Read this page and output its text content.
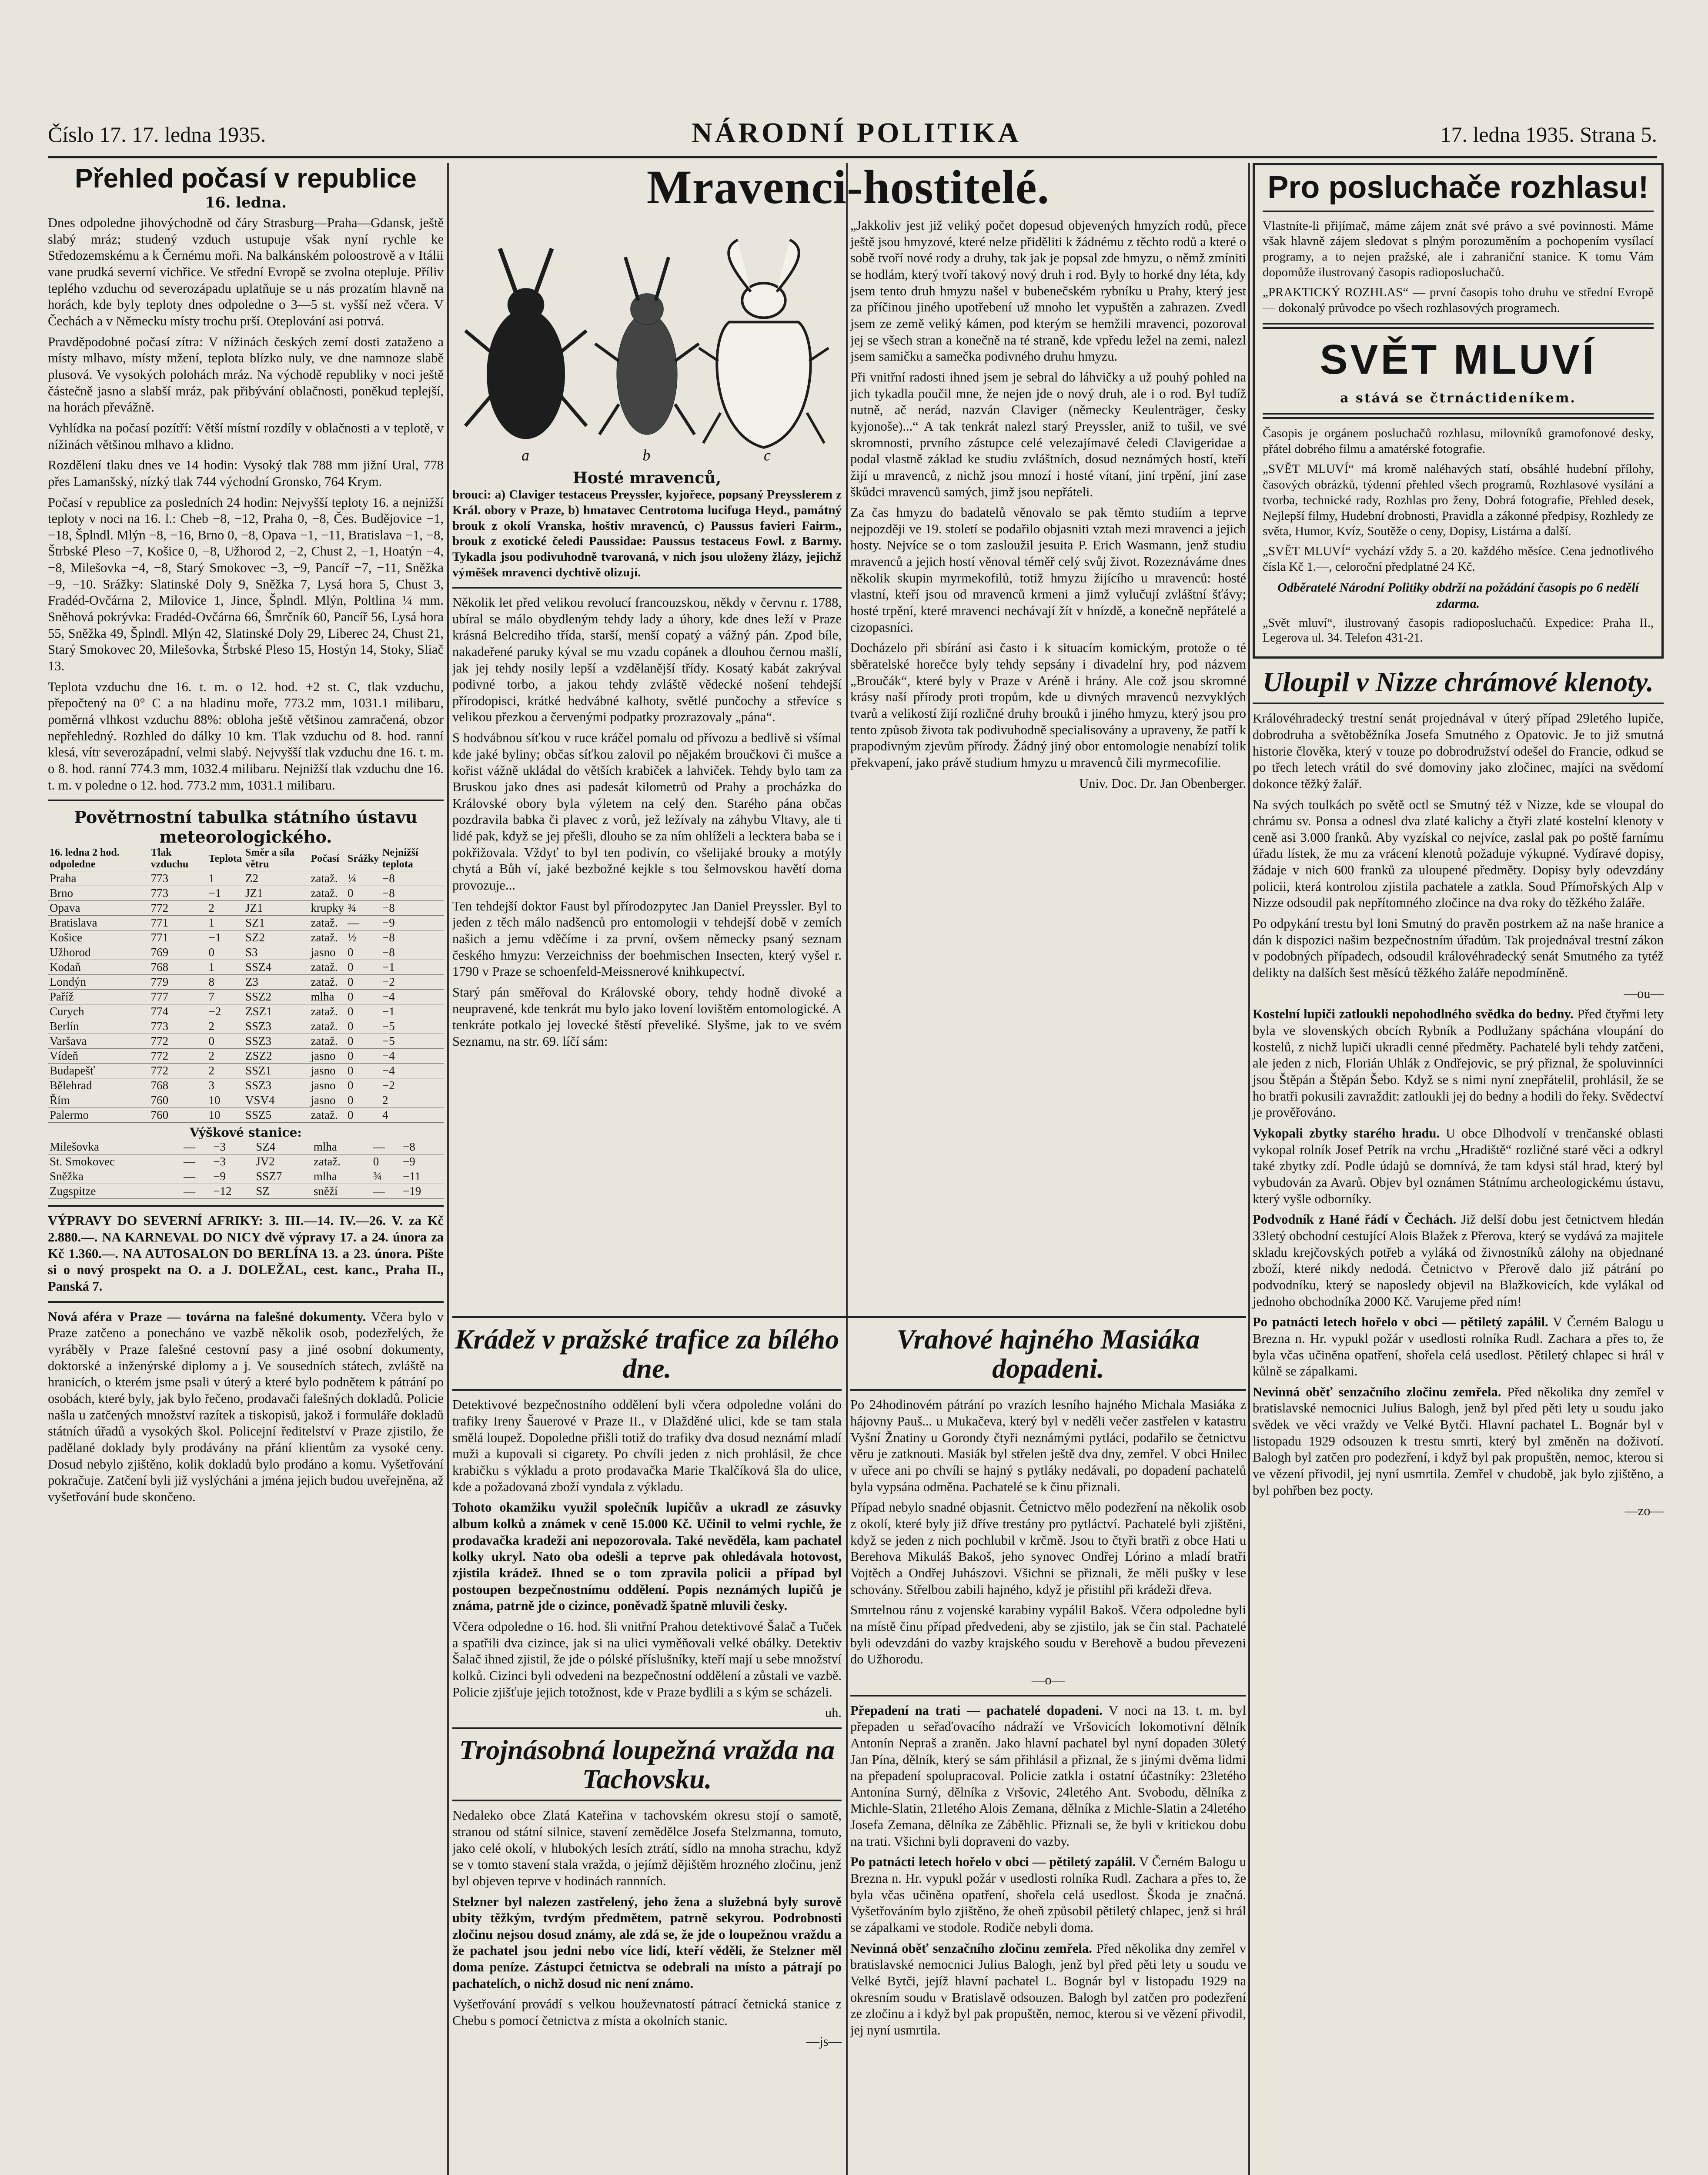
Číslo 17. 17. ledna 1935.	NÁRODNÍ POLITIKA	17. ledna 1935. Strana 5.
Přehled počasí v republice
16. ledna.

Dnes odpoledne jihovýchodně od čáry Strasburg—Praha—Gdansk, ještě slabý mráz; studený vzduch ustupuje však nyní rychle ke Středozemskému a k Černému moři. Na balkánském poloostrově a v Itálii vane prudká severní vichřice. Ve střední Evropě se zvolna otepluje. Příliv teplého vzduchu od severozápadu uplatňuje se u nás prozatím hlavně na horách, kde byly teploty dnes odpoledne o 3—5 st. vyšší než včera. V Čechách a v Německu místy trochu prší. Oteplování asi potrvá.

Pravděpodobné počasí zítra: V nížinách českých zemí dosti zataženo a místy mlhavo, místy mžení, teplota blízko nuly, ve dne namnoze slabě plusová. Ve vysokých polohách mráz. Na východě republiky v noci ještě částečně jasno a slabší mráz, pak přibývání oblačnosti, poněkud teplejší, na horách převážně.

Vyhlídka na počasí pozítří: Větší místní rozdíly v oblačnosti a v teplotě, v nížinách většinou mlhavo a klidno.

Rozdělení tlaku dnes ve 14 hodin: Vysoký tlak 788 mm jižní Ural, 778 přes Lamanšský, nízký tlak 744 východní Gronsko, 764 Krym.

Počasí v republice za posledních 24 hodin: Nejvyšší teploty 16. a nejnižší teploty v noci na 16. l.: Cheb −8, −12, Praha 0, −8, Čes. Budějovice −1, −18, Šplndl. Mlýn −8, −16, Brno 0, −8, Opava −1, −11, Bratislava −1, −8, Štrbské Pleso −7, Košice 0, −8, Užhorod 2, −2, Chust 2, −1, Hoatýn −4, −8, Milešovka −4, −8, Starý Smokovec −3, −9, Pancíř −7, −11, Sněžka −9, −10. Srážky: Slatinské Doly 9, Sněžka 7, Lysá hora 5, Chust 3, Fradéd-Ovčárna 2, Milovice 1, Jince, Šplndl. Mlýn, Poltlina ¼ mm. Sněhová pokrývka: Fradéd-Ovčárna 66, Šmrčník 60, Pancíř 56, Lysá hora 55, Sněžka 49, Šplndl. Mlýn 42, Slatinské Doly 29, Liberec 24, Chust 21, Starý Smokovec 20, Milešovka, Štrbské Pleso 15, Hostýn 14, Stoky, Sliač 13.

Teplota vzduchu dne 16. t. m. o 12. hod. +2 st. C, tlak vzduchu, přepočtený na 0° C a na hladinu moře, 773.2 mm, 1031.1 milibaru, poměrná vlhkost vzduchu 88%: obloha ještě většinou zamračená, obzor nepřehledný. Rozhled do dálky 10 km. Tlak vzduchu od 8. hod. ranní klesá, vítr severozápadní, velmi slabý. Nejvyšší tlak vzduchu dne 16. t. m. o 8. hod. ranní 774.3 mm, 1032.4 milibaru. Nejnižší tlak vzduchu dne 16. t. m. v poledne o 12. hod. 773.2 mm, 1031.1 milibaru.

Povětrnostní tabulka státního ústavu meteorologického.
16. ledna 2 hod. odpoledne	Tlak vzduchu	Teplota	Směr a síla větru	Počasí	Srážky	Nejnižší teplota
Praha	773	1	Z2	zataž.	¼	−8
Brno	773	−1	JZ1	zataž.	0	−8
Opava	772	2	JZ1	krupky	¾	−8
Bratislava	771	1	SZ1	zataž.	—	−9
Košice	771	−1	SZ2	zataž.	½	−8
Užhorod	769	0	S3	jasno	0	−8
Kodaň	768	1	SSZ4	zataž.	0	−1
Londýn	779	8	Z3	zataž.	0	−2
Paříž	777	7	SSZ2	mlha	0	−4
Curych	774	−2	ZSZ1	zataž.	0	−1
Berlín	773	2	SSZ3	zataž.	0	−5
Varšava	772	0	SSZ3	zataž.	0	−5
Vídeň	772	2	ZSZ2	jasno	0	−4
Budapešť	772	2	SSZ1	jasno	0	−4
Bělehrad	768	3	SSZ3	jasno	0	−2
Řím	760	10	VSV4	jasno	0	2
Palermo	760	10	SSZ5	zataž.	0	4
Výškové stanice:
Milešovka	—	−3	SZ4	mlha	—	−8
St. Smokovec	—	−3	JV2	zataž.	0	−9
Sněžka	—	−9	SSZ7	mlha	¾	−11
Zugspitze	—	−12	SZ	sněží	—	−19

VÝPRAVY DO SEVERNÍ AFRIKY: 3. III.—14. IV.—26. V. za Kč 2.880.—. NA KARNEVAL DO NICY dvě výpravy 17. a 24. února za Kč 1.360.—. NA AUTOSALON DO BERLÍNA 13. a 23. února. Pište si o nový prospekt na O. a J. DOLEŽAL, cest. kanc., Praha II., Panská 7.

Nová aféra v Praze — továrna na falešné dokumenty. Včera bylo v Praze zatčeno a ponecháno ve vazbě několik osob, podezřelých, že vyráběly v Praze falešné cestovní pasy a jiné osobní dokumenty, doktorské a inženýrské diplomy a j. Ve sousedních státech, zvláště na hranicích, o kterém jsme psali v úterý a které bylo podnětem k pátrání po osobách, které byly, jak bylo řečeno, prodavači falešných dokladů. Policie našla u zatčených množství razítek a tiskopisů, jakož i formuláře dokladů státních úřadů a vysokých škol. Policejní ředitelství v Praze zjistilo, že padělané doklady byly prodávány na přání klientům za vysoké ceny. Dosud nebylo zjištěno, kolik dokladů bylo prodáno a komu. Vyšetřování pokračuje. Zatčení byli již vyslýcháni a jména jejich budou uveřejněna, až vyšetřování bude skončeno.

Mravenci-hostitelé.
a	b	c
Hosté mravenců,

brouci: a) Claviger testaceus Preyssler, kyjořece, popsaný Preysslerem z Král. obory v Praze, b) hmatavec Centrotoma lucifuga Heyd., památný brouk z okolí Vranska, hoštiv mravenců, c) Paussus favieri Fairm., brouk z exotické čeledi Paussidae: Paussus testaceus Fowl. z Barmy. Tykadla jsou podivuhodně tvarovaná, v nich jsou uloženy žlázy, jejichž výměšek mravenci dychtivě olizují.

Několik let před velikou revolucí francouzskou, někdy v červnu r. 1788, ubíral se málo obydleným tehdy lady a úhory, kde dnes leží v Praze krásná Belcrediho třída, starší, menší copatý a vážný pán. Zpod bíle, nakadeřené paruky kýval se mu vzadu copánek a dlouhou černou mašlí, jak jej tehdy nosily lepší a vzdělanější třídy. Kosatý kabát zakrýval podivné torbo, a jakou tehdy zvláště vědecké nošení tehdejší přírodopisci, krátké hedvábné kalhoty, světlé punčochy a střevíce s velikou přezkou a červenými podpatky prozrazovaly „pána“.

S hodvábnou síťkou v ruce kráčel pomalu od přívozu a bedlivě si všímal kde jaké byliny; občas síťkou zalovil po nějakém broučkovi či mušce a kořist vážně ukládal do větších krabiček a lahviček. Tehdy bylo tam za Bruskou jako dnes asi padesát kilometrů od Prahy a procházka do Královské obory byla výletem na celý den. Starého pána občas pozdravila babka či plavec z vorů, jež ležívaly na záhybu Vltavy, ale ti lidé pak, když se jej přešli, dlouho se za ním ohlíželi a lecktera baba se i pokřižovala. Vždyť to byl ten podivín, co všelijaké brouky a motýly chytá a Bůh ví, jaké bezbožné kejkle s tou šelmovskou havětí doma provozuje...

Ten tehdejší doktor Faust byl přírodozpytec Jan Daniel Preyssler. Byl to jeden z těch málo nadšenců pro entomologii v tehdejší době v zemích našich a jemu vděčíme i za první, ovšem německy psaný seznam českého hmyzu: Verzeichniss der boehmischen Insecten, který vyšel r. 1790 v Praze se schoenfeld-Meissnerové knihkupectví.

Starý pán směřoval do Královské obory, tehdy hodně divoké a neupravené, kde tenkrát mu bylo jako lovení lovištěm entomologické. A tenkráte potkalo jej lovecké štěstí převeliké. Slyšme, jak to ve svém Seznamu, na str. 69. líčí sám:

„Jakkoliv jest již veliký počet dopesud objevených hmyzích rodů, přece ještě jsou hmyzové, které nelze přiděliti k žádnému z těchto rodů a které o sobě tvoří nové rody a druhy, tak jak je popsal zde hmyzu, o němž zmíniti se hodlám, který tvoří takový nový druh i rod. Byly to horké dny léta, kdy jsem tento druh hmyzu našel v bubenečském rybníku u Prahy, který jest za příčinou jiného upotřebení už mnoho let vypuštěn a zahrazen. Zvedl jsem ze země veliký kámen, pod kterým se hemžili mravenci, pozoroval jej se všech stran a konečně na té straně, kde vpředu ležel na zemi, nalezl jsem samičku a samečka podivného druhu hmyzu.

Při vnitřní radosti ihned jsem je sebral do láhvičky a už pouhý pohled na jich tykadla poučil mne, že nejen jde o nový druh, ale i o rod. Byl tudíž nutně, ač nerád, nazván Claviger (německy Keulenträger, česky kyjonoše)...“ A tak tenkrát nalezl starý Preyssler, aniž to tušil, ve své skromnosti, prvního zástupce celé velezajímavé čeledi Clavigeridae a podal vlastně základ ke studiu zvláštních, dosud neznámých hostí, kteří žijí u mravenců, z nichž jsou mnozí i hosté vítaní, jiní trpění, jiní zase škůdci mravenců samých, jimž jsou nepřáteli.

Za čas hmyzu do badatelů věnovalo se pak těmto studiím a teprve nejpozději ve 19. století se podařilo objasniti vztah mezi mravenci a jejich hosty. Nejvíce se o tom zasloužil jesuita P. Erich Wasmann, jenž studiu mravenců a jejich hostí věnoval téměř celý svůj život. Rozeznáváme dnes několik skupin myrmekofilů, totiž hmyzu žijícího u mravenců: hosté vlastní, kteří jsou od mravenců krmeni a jimž vylučují zvláštní šťávy; hosté trpění, které mravenci nechávají žít v hnízdě, a konečně nepřátelé a cizopasníci.

Docházelo při sbírání asi často i k situacím komickým, protože o té sběratelské horečce byly tehdy sepsány i divadelní hry, pod názvem „Broučák“, které byly v Praze v Aréně i hrány. Ale což jsou skromné krásy naší přírody proti tropům, kde u divných mravenců nezvyklých tvarů a velikostí žijí rozličné druhy brouků i jiného hmyzu, který jsou pro tento způsob života tak podivuhodně specialisovány a upraveny, že patří k prapodivným zjevům přírody. Žádný jiný obor entomologie nenabízí tolik překvapení, jako právě studium hmyzu u mravenců čili myrmecofilie.

Univ. Doc. Dr. Jan Obenberger.

Krádež v pražské trafice za bílého dne.

Detektivové bezpečnostního oddělení byli včera odpoledne voláni do trafiky Ireny Šauerové v Praze II., v Dlažděné ulici, kde se tam stala smělá loupež. Dopoledne přišli totiž do trafiky dva dosud neznámí mladí muži a kupovali si cigarety. Po chvíli jeden z nich prohlásil, že chce krabičku s výkladu a proto prodavačka Marie Tkalčíková šla do ulice, kde a požadovaná zboží vyndala z výkladu.

Tohoto okamžiku využil společník lupičův a ukradl ze zásuvky album kolků a známek v ceně 15.000 Kč. Učinil to velmi rychle, že prodavačka kradeži ani nepozorovala. Také nevěděla, kam pachatel kolky ukryl. Nato oba odešli a teprve pak ohledávala hotovost, zjistila krádež. Ihned se o tom zpravila policii a případ byl postoupen bezpečnostnímu oddělení. Popis neznámých lupičů je známa, patrně jde o cizince, poněvadž špatně mluvili česky.

Včera odpoledne o 16. hod. šli vnitřní Prahou detektivové Šalač a Tuček a spatřili dva cizince, jak si na ulici vyměňovali velké obálky. Detektiv Šalač ihned zjistil, že jde o pólské příslušníky, kteří mají u sebe množství kolků. Cizinci byli odvedeni na bezpečnostní oddělení a zůstali ve vazbě. Policie zjišťuje jejich totožnost, kde v Praze bydlili a s kým se scházeli.

uh.

Trojnásobná loupežná vražda na Tachovsku.

Nedaleko obce Zlatá Kateřina v tachovském okresu stojí o samotě, stranou od státní silnice, stavení zemědělce Josefa Stelzmanna, tomuto, jako celé okolí, v hlubokých lesích ztrátí, sídlo na mnoha strachu, když se v tomto stavení stala vražda, o jejímž dějištěm hrozného zločinu, jenž byl objeven teprve v hodinách rannních.

Stelzner byl nalezen zastřelený, jeho žena a služebná byly surově ubity těžkým, tvrdým předmětem, patrně sekyrou. Podrobnosti zločinu nejsou dosud známy, ale zdá se, že jde o loupežnou vraždu a že pachatel jsou jedni nebo více lidí, kteří věděli, že Stelzner měl doma peníze. Zástupci četnictva se odebrali na místo a pátrají po pachatelích, o nichž dosud nic není známo.

Vyšetřování provádí s velkou houževnatostí pátrací četnická stanice z Chebu s pomocí četnictva z místa a okolních stanic.

—js—

Vrahové hajného Masiáka dopadeni.

Po 24hodinovém pátrání po vrazích lesního hajného Michala Masiáka z hájovny Pauš... u Mukačeva, který byl v neděli večer zastřelen v katastru Vyšní Žnatiny u Gorondy čtyři neznámými pytláci, podařilo se četnictvu věru je zatknouti. Masiák byl střelen ještě dva dny, zemřel. V obci Hnilec v uřece ani po chvíli se hajný s pytláky nedávali, po dopadení pachatelů byla vypsána odměna. Pachatelé se k činu přiznali.

Případ nebylo snadné objasnit. Četnictvo mělo podezření na několik osob z okolí, které byly již dříve trestány pro pytláctví. Pachatelé byli zjištěni, když se jeden z nich pochlubil v krčmě. Jsou to čtyři bratři z obce Hati u Berehova Mikuláš Bakoš, jeho synovec Ondřej Lórino a mladí bratři Vojtěch a Ondřej Juhászovi. Všichni se přiznali, že měli pušky v lese schovány. Střelbou zabili hajného, když je přistihl při krádeži dřeva.

Smrtelnou ránu z vojenské karabiny vypálil Bakoš. Včera odpoledne byli na místě činu případ předvedeni, aby se zjistilo, jak se čin stal. Pachatelé byli odevzdáni do vazby krajského soudu v Berehově a budou převezeni do Užhorodu.

—o—

Přepadení na trati — pachatelé dopadeni. V noci na 13. t. m. byl přepaden u seřaďovacího nádraží ve Vršovicích lokomotivní dělník Antonín Nepraš a zraněn. Jako hlavní pachatel byl nyní dopaden 30letý Jan Pína, dělník, který se sám přihlásil a přiznal, že s jinými dvěma lidmi na přepadení spolupracoval. Policie zatkla i ostatní účastníky: 23letého Antonína Surný, dělníka z Vršovic, 24letého Ant. Svobodu, dělníka z Michle-Slatin, 21letého Alois Zemana, dělníka z Michle-Slatin a 24letého Josefa Zemana, dělníka ze Záběhlic. Přiznali se, že byli v kritickou dobu na trati. Všichni byli dopraveni do vazby.

Po patnácti letech hořelo v obci — pětiletý zapálil. V Černém Balogu u Brezna n. Hr. vypukl požár v usedlosti rolníka Rudl. Zachara a přes to, že byla včas učiněna opatření, shořela celá usedlost. Škoda je značná. Vyšetřováním bylo zjištěno, že oheň způsobil pětiletý chlapec, jenž si hrál se zápalkami ve stodole. Rodiče nebyli doma.

Nevinná oběť senzačního zločinu zemřela. Před několika dny zemřel v bratislavské nemocnici Julius Balogh, jenž byl před pěti lety u soudu ve Velké Bytči, jejíž hlavní pachatel L. Bognár byl v listopadu 1929 na okresním soudu v Bratislavě odsouzen. Balogh byl zatčen pro podezření ze zločinu a i když byl pak propuštěn, nemoc, kterou si ve vězení přivodil, jej nyní usmrtila.

Pro posluchače rozhlasu!

Vlastníte-li přijímač, máme zájem znát své právo a své povinnosti. Máme však hlavně zájem sledovat s plným porozuměním a pochopením vysílací programy, a to nejen pražské, ale i zahraniční stanice. K tomu Vám dopomůže ilustrovaný časopis radioposluchačů.

„PRAKTICKÝ ROZHLAS“ — první časopis toho druhu ve střední Evropě — dokonalý průvodce po všech rozhlasových programech.

SVĚT MLUVÍ
a stává se čtrnáctideníkem.

Časopis je orgánem posluchačů rozhlasu, milovníků gramofonové desky, přátel dobrého filmu a amatérské fotografie.

„SVĚT MLUVÍ“ má kromě naléhavých statí, obsáhlé hudební přílohy, časových obrázků, týdenní přehled všech programů, Rozhlasové vysílání a tvorba, technické rady, Rozhlas pro ženy, Dobrá fotografie, Přehled desek, Nejlepší filmy, Hudební drobnosti, Pravidla a zákonné předpisy, Rozhledy ze světa, Humor, Kvíz, Soutěže o ceny, Dopisy, Listárna a další.

„SVĚT MLUVÍ“ vychází vždy 5. a 20. každého měsíce. Cena jednotlivého čísla Kč 1.—, celoroční předplatné 24 Kč.

Odběratelé Národní Politiky obdrží na požádání časopis po 6 nedělí zdarma.

„Svět mluví“, ilustrovaný časopis radioposluchačů. Expedice: Praha II., Legerova ul. 34. Telefon 431-21.

Uloupil v Nizze chrámové klenoty.

Královéhradecký trestní senát projednával v úterý případ 29letého lupiče, dobrodruha a světoběžníka Josefa Smutného z Opatovic. Je to již smutná historie člověka, který v touze po dobrodružství odešel do Francie, odkud se po třech letech vrátil do své domoviny jako zločinec, majíci na svědomí dokonce těžký žalář.

Na svých toulkách po světě octl se Smutný též v Nizze, kde se vloupal do chrámu sv. Ponsa a odnesl dva zlaté kalichy a čtyři zlaté kostelní klenoty v ceně asi 3.000 franků. Aby vyzískal co nejvíce, zaslal pak po poště farnímu úřadu lístek, že mu za vrácení klenotů požaduje výkupné. Vydíravé dopisy, žádaje v nich 600 franků za uloupené předměty. Dopisy byly odevzdány policii, která kontrolou zjistila pachatele a zatkla. Soud Přímořských Alp v Nizze odsoudil pak nepřítomného zločince na dva roky do těžkého žaláře.

Po odpykání trestu byl loni Smutný do pravěn postrkem až na naše hranice a dán k dispozici našim bezpečnostním úřadům. Tak projednával trestní zákon v podobných případech, odsoudil královéhradecký senát Smutného za tytéž delikty na dalších šest měsíců těžkého žaláře nepodmíněně.

—ou—

Kostelní lupiči zatloukli nepohodlného svědka do bedny. Před čtyřmi lety byla ve slovenských obcích Rybník a Podlužany spáchána vloupání do kostelů, z nichž lupiči ukradli cenné předměty. Pachatelé byli tehdy zatčeni, ale jeden z nich, Florián Uhlák z Ondřejovic, se prý přiznal, že spoluvinníci jsou Štěpán a Štěpán Šebo. Když se s nimi nyní znepřátelil, prohlásil, že se ho bratři pokusili zavraždit: zatloukli jej do bedny a hodili do řeky. Svědectví je prověřováno.

Vykopali zbytky starého hradu. U obce Dlhodvolí v trenčanské oblasti vykopal rolník Josef Petrík na vrchu „Hradiště“ rozličné staré věci a odkryl také zbytky zdí. Podle údajů se domnívá, že tam kdysi stál hrad, který byl vybudován za Avarů. Objev byl oznámen Státnímu archeologickému ústavu, který vyšle odborníky.

Podvodník z Hané řádí v Čechách. Již delší dobu jest četnictvem hledán 33letý obchodní cestující Alois Blažek z Přerova, který se vydává za majitele skladu krejčovských potřeb a vyláká od živnostníků zálohy na objednané zboží, které nikdy nedodá. Četnictvo v Přerově dalo již pátrání po podvodníku, který se naposledy objevil na Blažkovicích, kde vylákal od jednoho obchodníka 2000 Kč. Varujeme před ním!

Po patnácti letech hořelo v obci — pětiletý zapálil. V Černém Balogu u Brezna n. Hr. vypukl požár v usedlosti rolníka Rudl. Zachara a přes to, že byla včas učiněna opatření, shořela celá usedlost. Pětiletý chlapec si hrál v kůlně se zápalkami.

Nevinná oběť senzačního zločinu zemřela. Před několika dny zemřel v bratislavské nemocnici Julius Balogh, jenž byl před pěti lety u soudu jako svědek ve věci vraždy ve Velké Bytči. Hlavní pachatel L. Bognár byl v listopadu 1929 odsouzen k trestu smrti, který byl změněn na doživotí. Balogh byl zatčen pro podezření, i když byl pak propuštěn, nemoc, kterou si ve vězení přivodil, jej nyní usmrtila. Zemřel v chudobě, jak bylo zjištěno, a byl pohřben bez pocty.

—zo—
